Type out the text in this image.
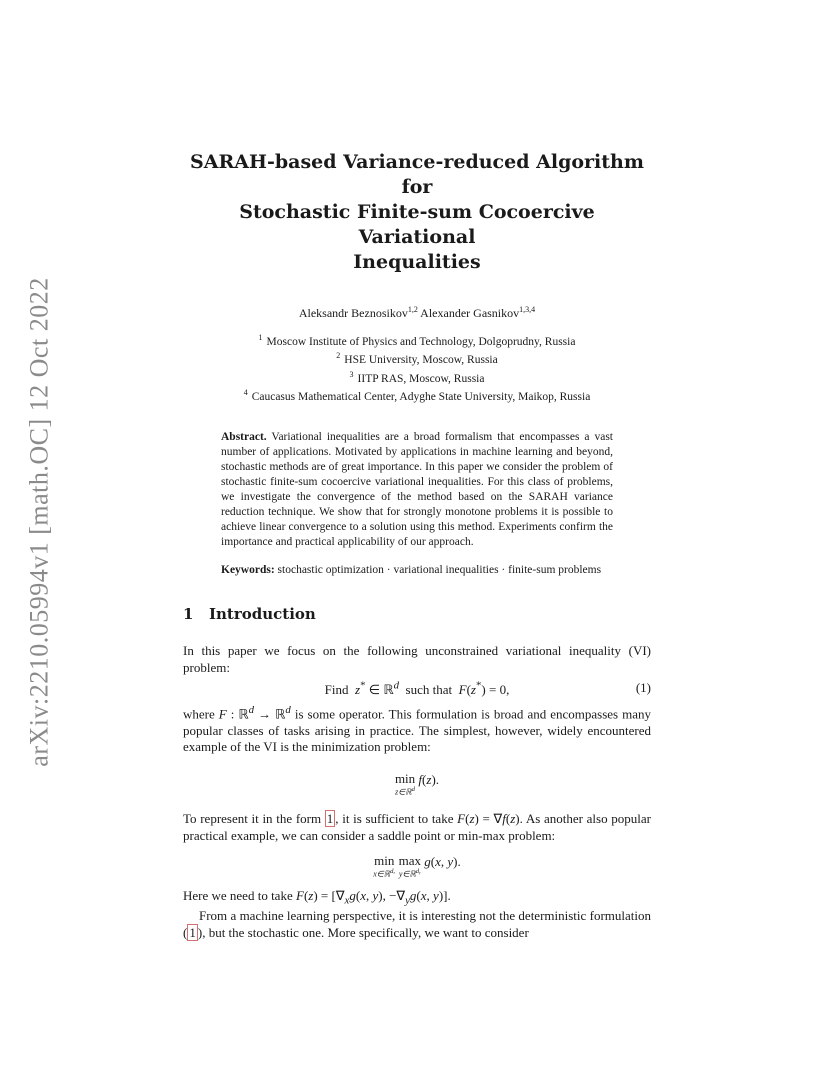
arXiv:2210.05994v1 [math.OC] 12 Oct 2022
SARAH-based Variance-reduced Algorithm for
Stochastic Finite-sum Cocoercive Variational
Inequalities
Aleksandr Beznosikov$^{1,2}$ Alexander Gasnikov$^{1,3,4}$
$^1$ Moscow Institute of Physics and Technology, Dolgoprudny, Russia
$^2$ HSE University, Moscow, Russia
$^3$ IITP RAS, Moscow, Russia
$^4$ Caucasus Mathematical Center, Adyghe State University, Maikop, Russia
Abstract. Variational inequalities are a broad formalism that encompasses a vast number of applications. Motivated by applications in machine learning and beyond, stochastic methods are of great importance. In this paper we consider the problem of stochastic finite-sum cocoercive variational inequalities. For this class of problems, we investigate the convergence of the method based on the SARAH variance reduction technique. We show that for strongly monotone problems it is possible to achieve linear convergence to a solution using this method. Experiments confirm the importance and practical applicability of our approach.
Keywords: stochastic optimization · variational inequalities · finite-sum problems
1 Introduction

In this paper we focus on the following unconstrained variational inequality (VI) problem:

Find  z* ∈ ℝ$^d$  such that  F(z*) = 0,	(1)

where F : ℝ$^d$ → ℝ$^d$ is some operator. This formulation is broad and encompasses many popular classes of tasks arising in practice. The simplest, however, widely encountered example of the VI is the minimization problem:

min
z∈ℝ$^d$
f(z).

To represent it in the form 1 , it is sufficient to take F(z) = ∇f(z). As another also popular practical example, we can consider a saddle point or min-max problem:

min
x∈ℝ$^{d_x}$
max
y∈ℝ$^{dᵧ}$
g(x, y).

Here we need to take $F(z) = [\nabla_xg(x$, y), $-\nabla_yg(x$, y)].

From a machine learning perspective, it is interesting not the deterministic formulation ( 1 ), but the stochastic one. More specifically, we want to consider
